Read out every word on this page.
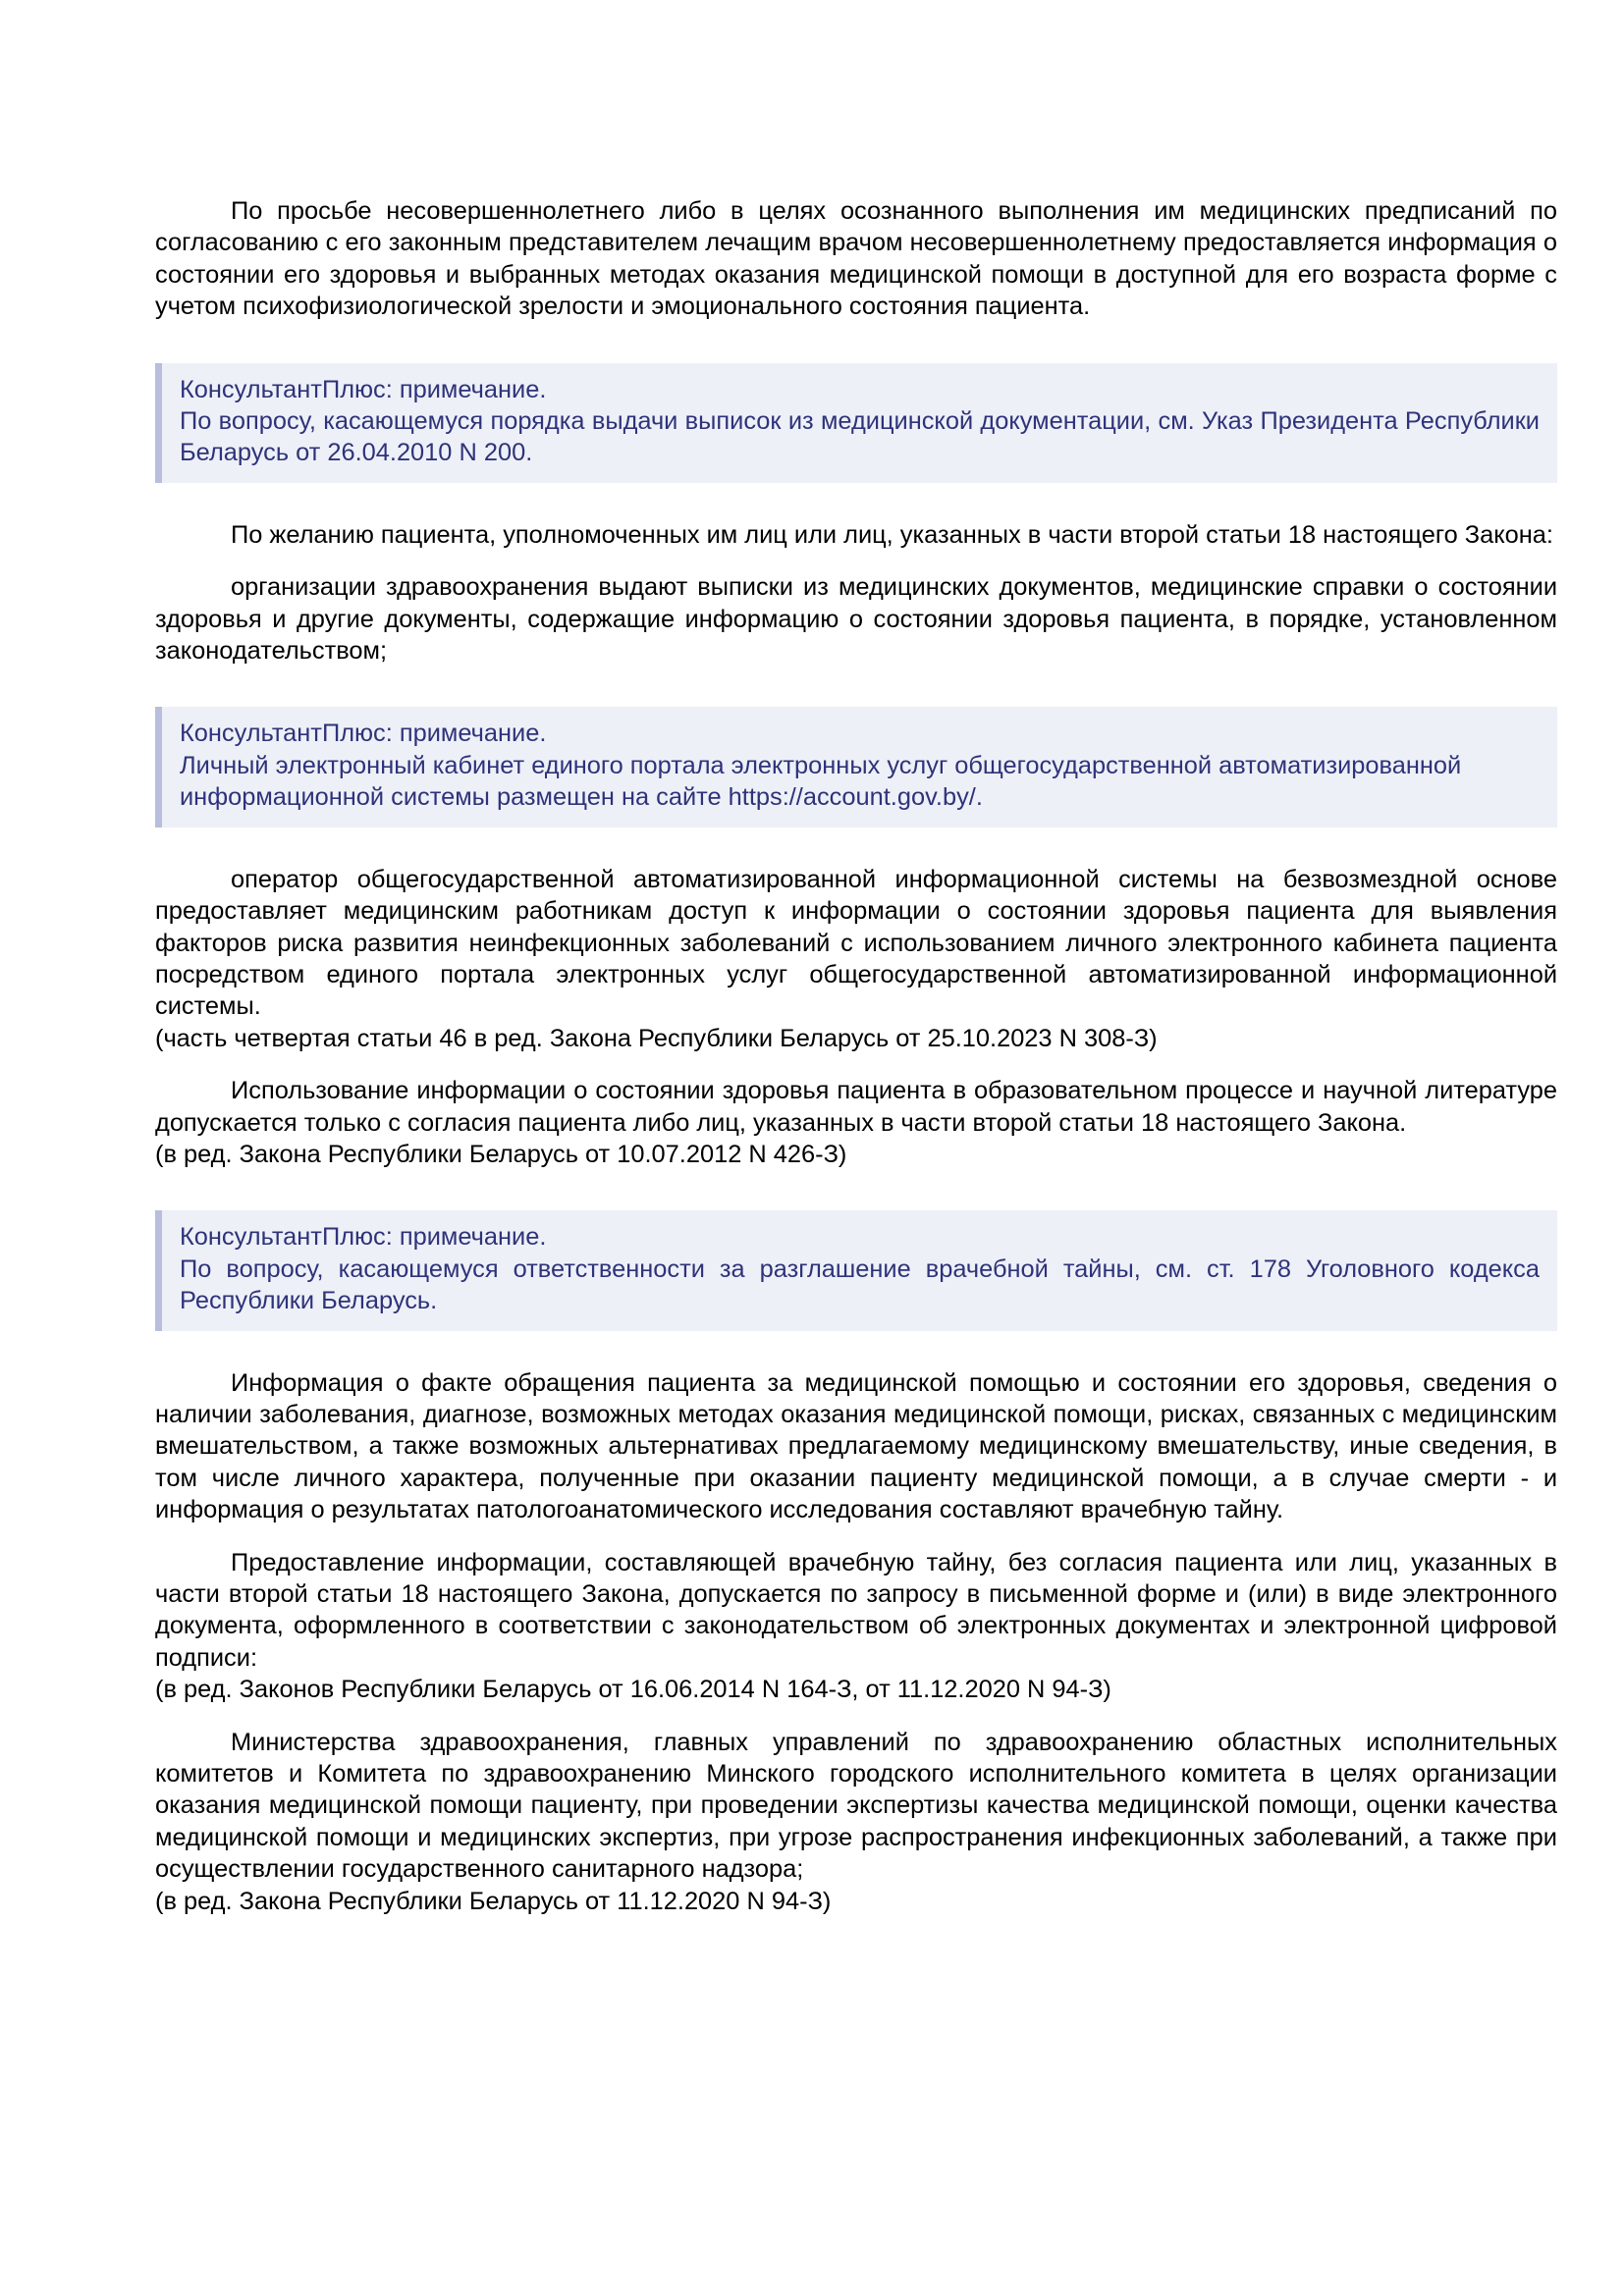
По просьбе несовершеннолетнего либо в целях осознанного выполнения им медицинских предписаний по согласованию с его законным представителем лечащим врачом несовершеннолетнему предоставляется информация о состоянии его здоровья и выбранных методах оказания медицинской помощи в доступной для его возраста форме с учетом психофизиологической зрелости и эмоционального состояния пациента.

КонсультантПлюс: примечание.
По вопросу, касающемуся порядка выдачи выписок из медицинской документации, см. Указ Президента Республики Беларусь от 26.04.2010 N 200.

По желанию пациента, уполномоченных им лиц или лиц, указанных в части второй статьи 18 настоящего Закона:

организации здравоохранения выдают выписки из медицинских документов, медицинские справки о состоянии здоровья и другие документы, содержащие информацию о состоянии здоровья пациента, в порядке, установленном законодательством;

КонсультантПлюс: примечание.
Личный электронный кабинет единого портала электронных услуг общегосударственной автоматизированной информационной системы размещен на сайте https://account.gov.by/.

оператор общегосударственной автоматизированной информационной системы на безвозмездной основе предоставляет медицинским работникам доступ к информации о состоянии здоровья пациента для выявления факторов риска развития неинфекционных заболеваний с использованием личного электронного кабинета пациента посредством единого портала электронных услуг общегосударственной автоматизированной информационной системы.

(часть четвертая статьи 46 в ред. Закона Республики Беларусь от 25.10.2023 N 308-З)

Использование информации о состоянии здоровья пациента в образовательном процессе и научной литературе допускается только с согласия пациента либо лиц, указанных в части второй статьи 18 настоящего Закона.

(в ред. Закона Республики Беларусь от 10.07.2012 N 426-З)

КонсультантПлюс: примечание.
По вопросу, касающемуся ответственности за разглашение врачебной тайны, см. ст. 178 Уголовного кодекса Республики Беларусь.

Информация о факте обращения пациента за медицинской помощью и состоянии его здоровья, сведения о наличии заболевания, диагнозе, возможных методах оказания медицинской помощи, рисках, связанных с медицинским вмешательством, а также возможных альтернативах предлагаемому медицинскому вмешательству, иные сведения, в том числе личного характера, полученные при оказании пациенту медицинской помощи, а в случае смерти - и информация о результатах патологоанатомического исследования составляют врачебную тайну.

Предоставление информации, составляющей врачебную тайну, без согласия пациента или лиц, указанных в части второй статьи 18 настоящего Закона, допускается по запросу в письменной форме и (или) в виде электронного документа, оформленного в соответствии с законодательством об электронных документах и электронной цифровой подписи:

(в ред. Законов Республики Беларусь от 16.06.2014 N 164-З, от 11.12.2020 N 94-З)

Министерства здравоохранения, главных управлений по здравоохранению областных исполнительных комитетов и Комитета по здравоохранению Минского городского исполнительного комитета в целях организации оказания медицинской помощи пациенту, при проведении экспертизы качества медицинской помощи, оценки качества медицинской помощи и медицинских экспертиз, при угрозе распространения инфекционных заболеваний, а также при осуществлении государственного санитарного надзора;

(в ред. Закона Республики Беларусь от 11.12.2020 N 94-З)
